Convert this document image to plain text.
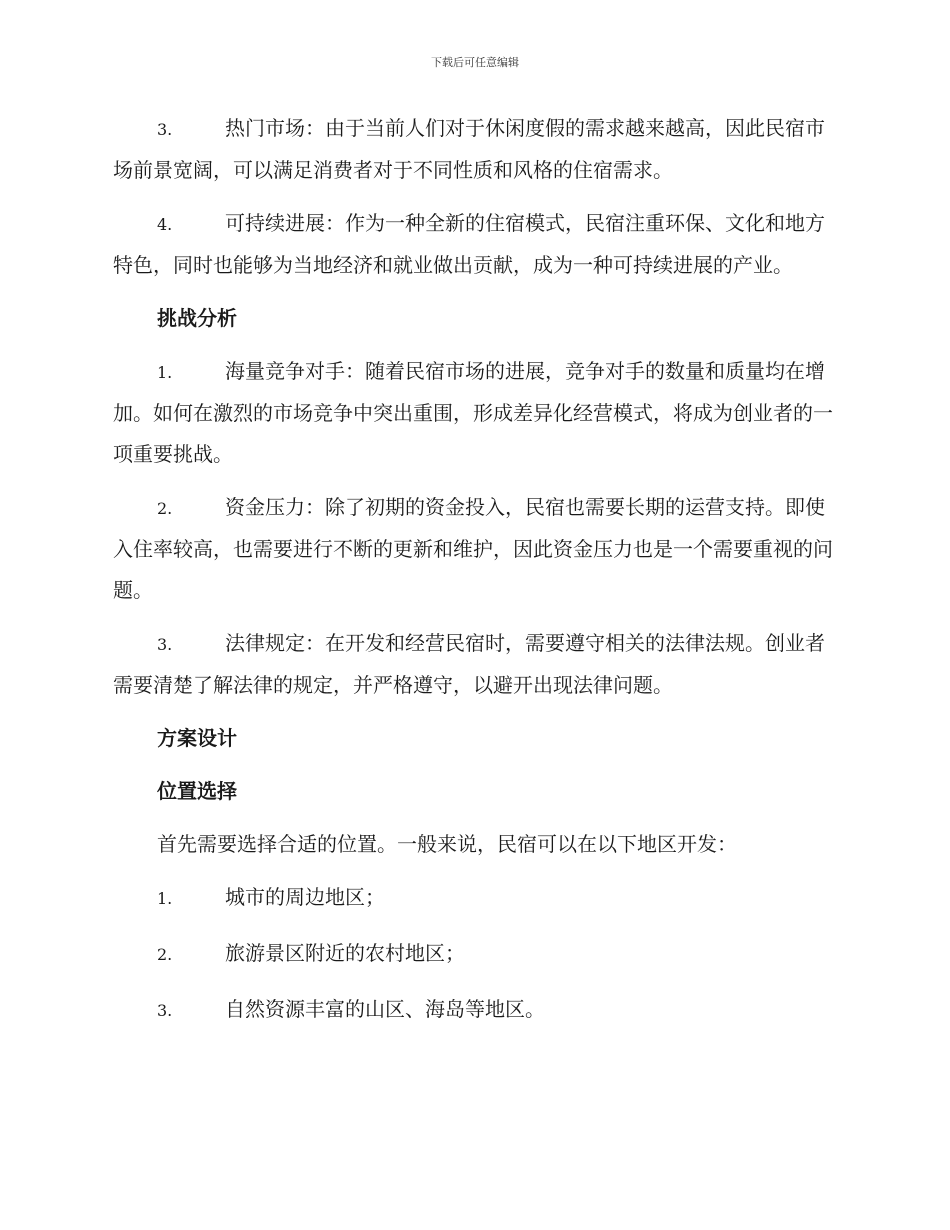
下载后可任意编辑
3.	热门市场：由于当前人们对于休闲度假的需求越来越高，因此民宿市场前景宽阔，可以满足消费者对于不同性质和风格的住宿需求。
4.	可持续进展：作为一种全新的住宿模式，民宿注重环保、文化和地方特色，同时也能够为当地经济和就业做出贡献，成为一种可持续进展的产业。
挑战分析
1.	海量竞争对手：随着民宿市场的进展，竞争对手的数量和质量均在增加。如何在激烈的市场竞争中突出重围，形成差异化经营模式，将成为创业者的一项重要挑战。
2.	资金压力：除了初期的资金投入，民宿也需要长期的运营支持。即使入住率较高，也需要进行不断的更新和维护，因此资金压力也是一个需要重视的问题。
3.	法律规定：在开发和经营民宿时，需要遵守相关的法律法规。创业者需要清楚了解法律的规定，并严格遵守，以避开出现法律问题。
方案设计
位置选择
首先需要选择合适的位置。一般来说，民宿可以在以下地区开发：
1.	城市的周边地区；
2.	旅游景区附近的农村地区；
3.	自然资源丰富的山区、海岛等地区。
